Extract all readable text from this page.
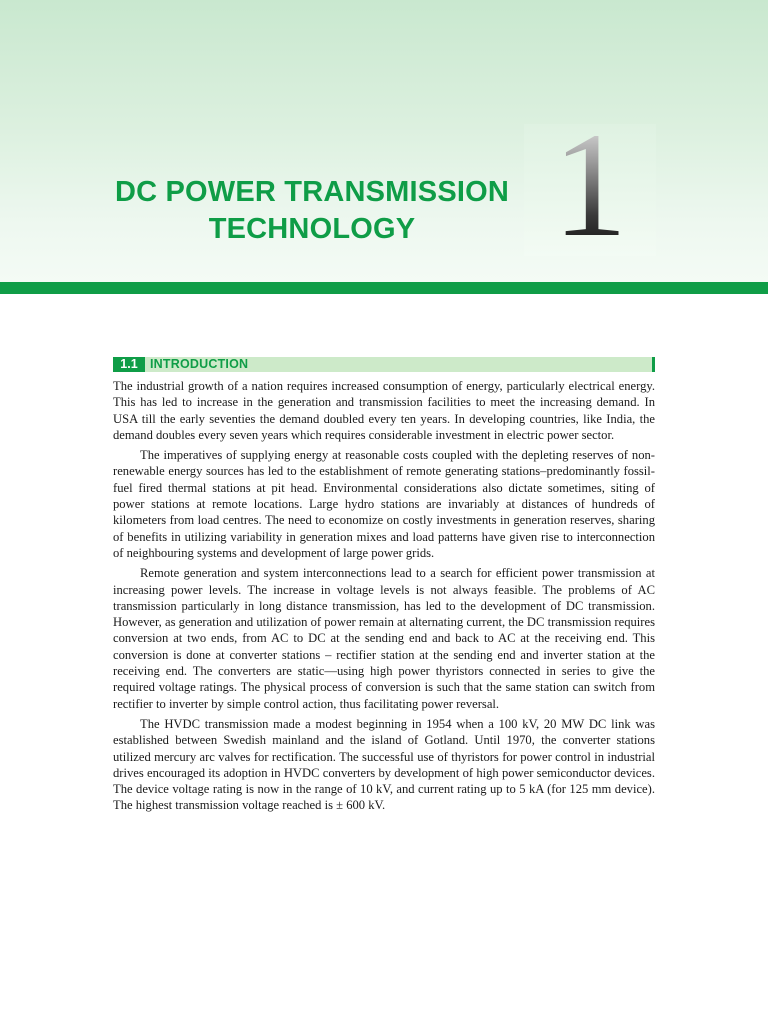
DC POWER TRANSMISSION
TECHNOLOGY 1
1.1 INTRODUCTION

The industrial growth of a nation requires increased consumption of energy, particularly electrical energy. This has led to increase in the generation and transmission facilities to meet the increasing demand. In USA till the early seventies the demand doubled every ten years. In developing countries, like India, the demand doubles every seven years which requires considerable investment in electric power sector.

The imperatives of supplying energy at reasonable costs coupled with the depleting reserves of non-renewable energy sources has led to the establishment of remote generating stations–predominantly fossil-fuel fired thermal stations at pit head. Environmental considerations also dictate sometimes, siting of power stations at remote locations. Large hydro stations are invariably at distances of hundreds of kilometers from load centres. The need to economize on costly investments in generation reserves, sharing of benefits in utilizing variability in generation mixes and load patterns have given rise to interconnection of neighbouring systems and development of large power grids.

Remote generation and system interconnections lead to a search for efficient power transmission at increasing power levels. The increase in voltage levels is not always feasible. The problems of AC transmission particularly in long distance transmission, has led to the development of DC transmission. However, as generation and utilization of power remain at alternating current, the DC transmission requires conversion at two ends, from AC to DC at the sending end and back to AC at the receiving end. This conversion is done at converter stations – rectifier station at the sending end and inverter station at the receiving end. The converters are static—using high power thyristors connected in series to give the required voltage ratings. The physical process of conversion is such that the same station can switch from rectifier to inverter by simple control action, thus facilitating power reversal.

The HVDC transmission made a modest beginning in 1954 when a 100 kV, 20 MW DC link was established between Swedish mainland and the island of Gotland. Until 1970, the converter stations utilized mercury arc valves for rectification. The successful use of thyristors for power control in industrial drives encouraged its adoption in HVDC converters by development of high power semiconductor devices. The device voltage rating is now in the range of 10 kV, and current rating up to 5 kA (for 125 mm device). The highest transmission voltage reached is ± 600 kV.
